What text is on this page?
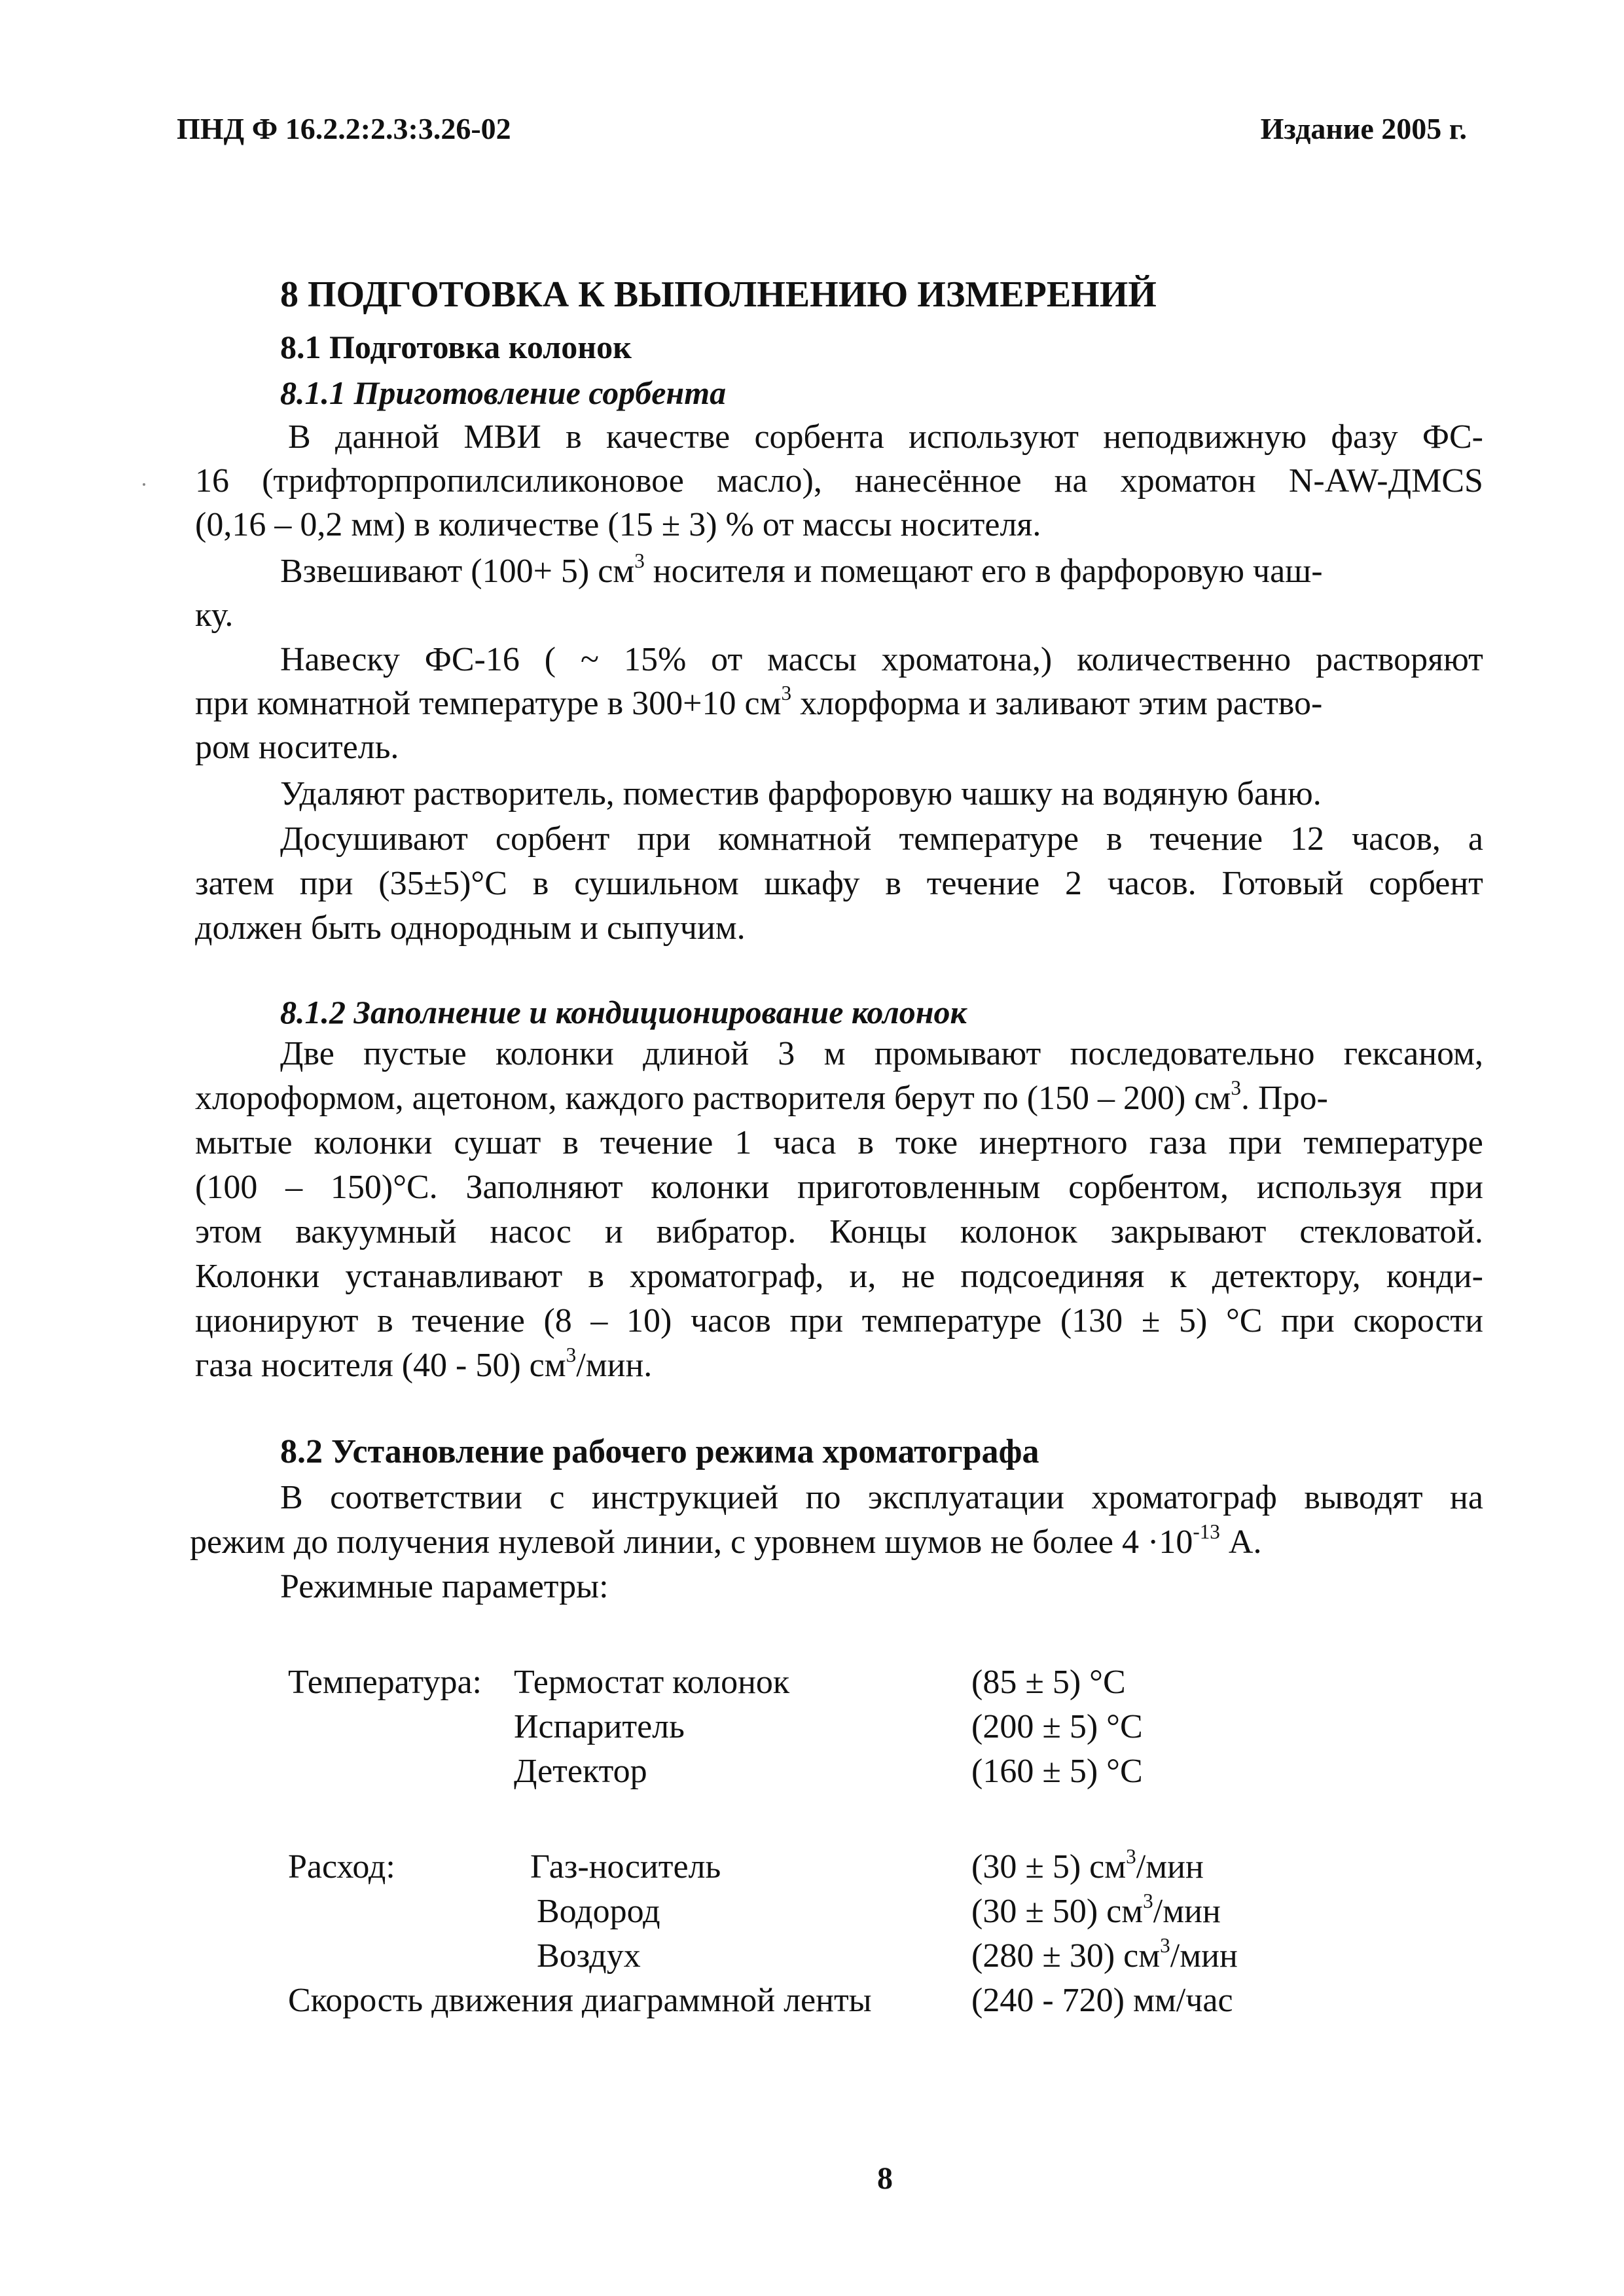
ПНД Ф 16.2.2:2.3:3.26-02	Издание 2005 г.
8 ПОДГОТОВКА К ВЫПОЛНЕНИЮ ИЗМЕРЕНИЙ
8.1 Подготовка колонок
8.1.1 Приготовление сорбента
В данной МВИ в качестве сорбента используют неподвижную фазу ФС-
16 (трифторпропилсиликоновое масло), нанесённое на хроматон N-AW-ДМCS
(0,16 – 0,2 мм) в количестве (15 ± 3) % от массы носителя.
Взвешивают (100+ 5) $см^3$ носителя и помещают его в фарфоровую чаш-
ку.
Навеску ФС-16 ( ~ 15% от массы хроматона,) количественно растворяют
при комнатной температуре в 300+10 $см^3$ хлорформа и заливают этим раство-
ром носитель.
Удаляют растворитель, поместив фарфоровую чашку на водяную баню.
Досушивают сорбент при комнатной температуре в течение 12 часов, а
затем при (35±5)°С в сушильном шкафу в течение 2 часов. Готовый сорбент
должен быть однородным и сыпучим.
8.1.2 Заполнение и кондиционирование колонок
Две пустые колонки длиной 3 м промывают последовательно гексаном,
хлороформом, ацетоном, каждого растворителя берут по (150 – 200) $см^3$. Про-
мытые колонки сушат в течение 1 часа в токе инертного газа при температуре
(100 – 150)°С. Заполняют колонки приготовленным сорбентом, используя при
этом вакуумный насос и вибратор. Концы колонок закрывают стекловатой.
Колонки устанавливают в хроматограф, и, не подсоединяя к детектору, конди-
ционируют в течение (8 – 10) часов при температуре (130 ± 5) °С при скорости
газа носителя (40 - 50) $см^3$/мин.
8.2 Установление рабочего режима хроматографа
В соответствии с инструкцией по эксплуатации хроматограф выводят на
режим до получения нулевой линии, с уровнем шумов не более $4 \cdot 10^{-13}$ А.
Режимные параметры:
Температура: Термостат колонок	(85 ± 5) °С
Испаритель	(200 ± 5) °С
Детектор	(160 ± 5) °С
Расход:	Газ-носитель	(30 ± 5) $см^3$/мин
Водород	(30 ± 50) $см^3$/мин
Воздух	(280 ± 30) $см^3$/мин
Скорость движения диаграммной ленты	(240 - 720) мм/час
8
